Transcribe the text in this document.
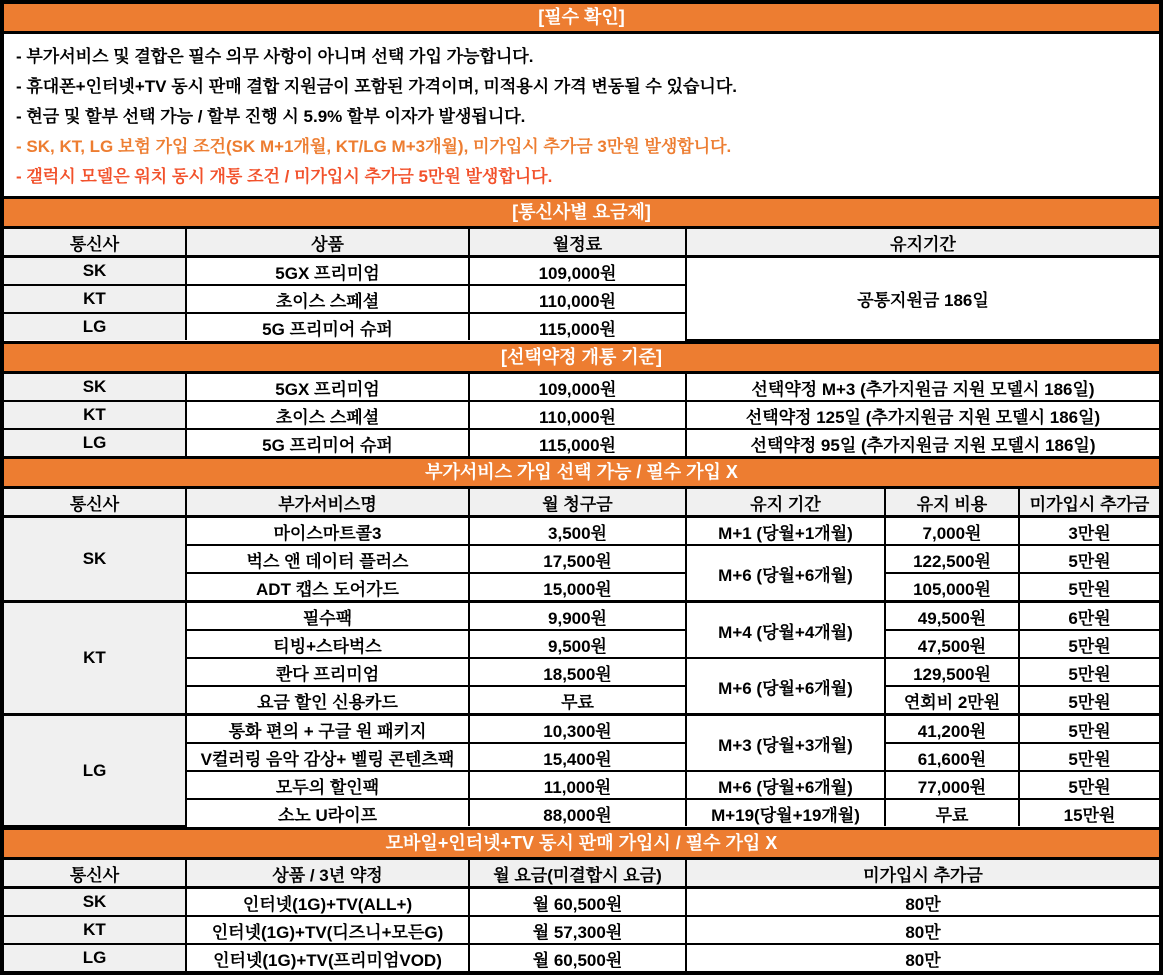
[필수 확인]
- 부가서비스 및 결합은 필수 의무 사항이 아니며 선택 가입 가능합니다.
- 휴대폰+인터넷+TV 동시 판매 결합 지원금이 포함된 가격이며, 미적용시 가격 변동될 수 있습니다.
- 현금 및 할부 선택 가능 / 할부 진행 시 5.9% 할부 이자가 발생됩니다.
- SK, KT, LG 보험 가입 조건(SK M+1개월, KT/LG M+3개월), 미가입시 추가금 3만원 발생합니다.
- 갤럭시 모델은 워치 동시 개통 조건 / 미가입시 추가금 5만원 발생합니다.
[통신사별 요금제]
통신사	상품	월정료	유지기간
SK	5GX 프리미엄	109,000원	공통지원금 186일
KT	초이스 스페셜	110,000원	
LG	5G 프리미어 슈퍼	115,000원	
[선택약정 개통 기준]
SK	5GX 프리미엄	109,000원	선택약정 M+3 (추가지원금 지원 모델시 186일)
KT	초이스 스페셜	110,000원	선택약정 125일 (추가지원금 지원 모델시 186일)
LG	5G 프리미어 슈퍼	115,000원	선택약정 95일 (추가지원금 지원 모델시 186일)
부가서비스 가입 선택 가능 / 필수 가입 X
통신사	부가서비스명	월 청구금	유지 기간	유지 비용	미가입시 추가금
SK	마이스마트콜3	3,500원	M+1 (당월+1개월)	7,000원	3만원
	벅스 앤 데이터 플러스	17,500원	M+6 (당월+6개월)	122,500원	5만원
	ADT 캡스 도어가드	15,000원		105,000원	5만원
KT	필수팩	9,900원	M+4 (당월+4개월)	49,500원	6만원
	티빙+스타벅스	9,500원		47,500원	5만원
	콴다 프리미엄	18,500원	M+6 (당월+6개월)	129,500원	5만원
	요금 할인 신용카드	무료		연회비 2만원	5만원
LG	통화 편의 + 구글 원 패키지	10,300원	M+3 (당월+3개월)	41,200원	5만원
	V컬러링 음악 감상+ 벨링 콘텐츠팩	15,400원		61,600원	5만원
	모두의 할인팩	11,000원	M+6 (당월+6개월)	77,000원	5만원
	소노 U라이프	88,000원	M+19(당월+19개월)	무료	15만원
모바일+인터넷+TV 동시 판매 가입시 / 필수 가입 X
통신사	상품 / 3년 약정	월 요금(미결합시 요금)	미가입시 추가금
SK	인터넷(1G)+TV(ALL+)	월 60,500원	80만
KT	인터넷(1G)+TV(디즈니+모든G)	월 57,300원	80만
LG	인터넷(1G)+TV(프리미엄VOD)	월 60,500원	80만
